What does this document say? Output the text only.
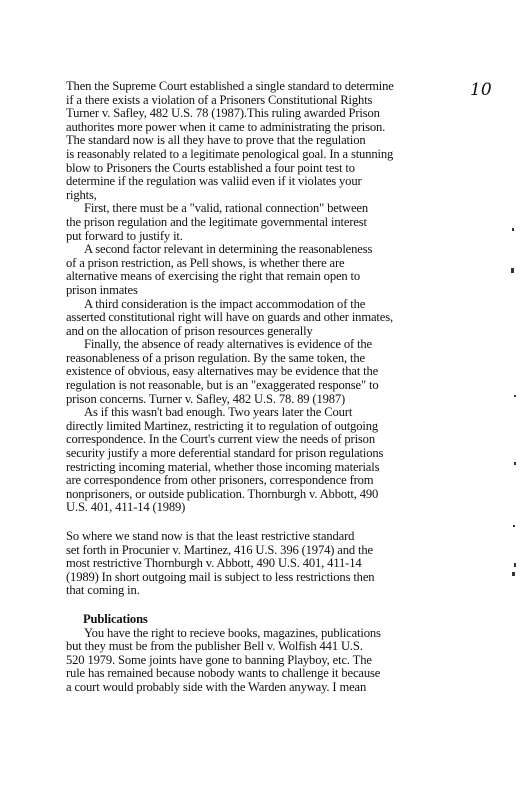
10
Then the Supreme Court established a single standard to determine
if a there exists a violation of a Prisoners Constitutional Rights
Turner v. Safley, 482 U.S. 78 (1987).This ruling awarded Prison
authorites more power when it came to administrating the prison.
The standard now is all they have to prove that the regulation
is reasonably related to a legitimate penological goal. In a stunning
blow to Prisoners the Courts established a four point test to
determine if the regulation was valiid even if it violates your
rights,
First, there must be a "valid, rational connection" between
the prison regulation and the legitimate governmental interest
put forward to justify it.
A second factor relevant in determining the reasonableness
of a prison restriction, as Pell shows, is whether there are
alternative means of exercising the right that remain open to
prison inmates
A third consideration is the impact accommodation of the
asserted constitutional right will have on guards and other inmates,
and on the allocation of prison resources generally
Finally, the absence of ready alternatives is evidence of the
reasonableness of a prison regulation. By the same token, the
existence of obvious, easy alternatives may be evidence that the
regulation is not reasonable, but is an "exaggerated response" to
prison concerns. Turner v. Safley, 482 U.S. 78. 89 (1987)
As if this wasn't bad enough. Two years later the Court
directly limited Martinez, restricting it to regulation of outgoing
correspondence. In the Court's current view the needs of prison
security justify a more deferential standard for prison regulations
restricting incoming material, whether those incoming materials
are correspondence from other prisoners, correspondence from
nonprisoners, or outside publication. Thornburgh v. Abbott, 490
U.S. 401, 411-14 (1989)
So where we stand now is that the least restrictive standard
set forth in Procunier v. Martinez, 416 U.S. 396 (1974) and the
most restrictive Thornburgh v. Abbott, 490 U.S. 401, 411-14
(1989) In short outgoing mail is subject to less restrictions then
that coming in.
Publications
You have the right to recieve books, magazines, publications
but they must be from the publisher Bell v. Wolfish 441 U.S.
520 1979. Some joints have gone to banning Playboy, etc. The
rule has remained because nobody wants to challenge it because
a court would probably side with the Warden anyway. I mean
